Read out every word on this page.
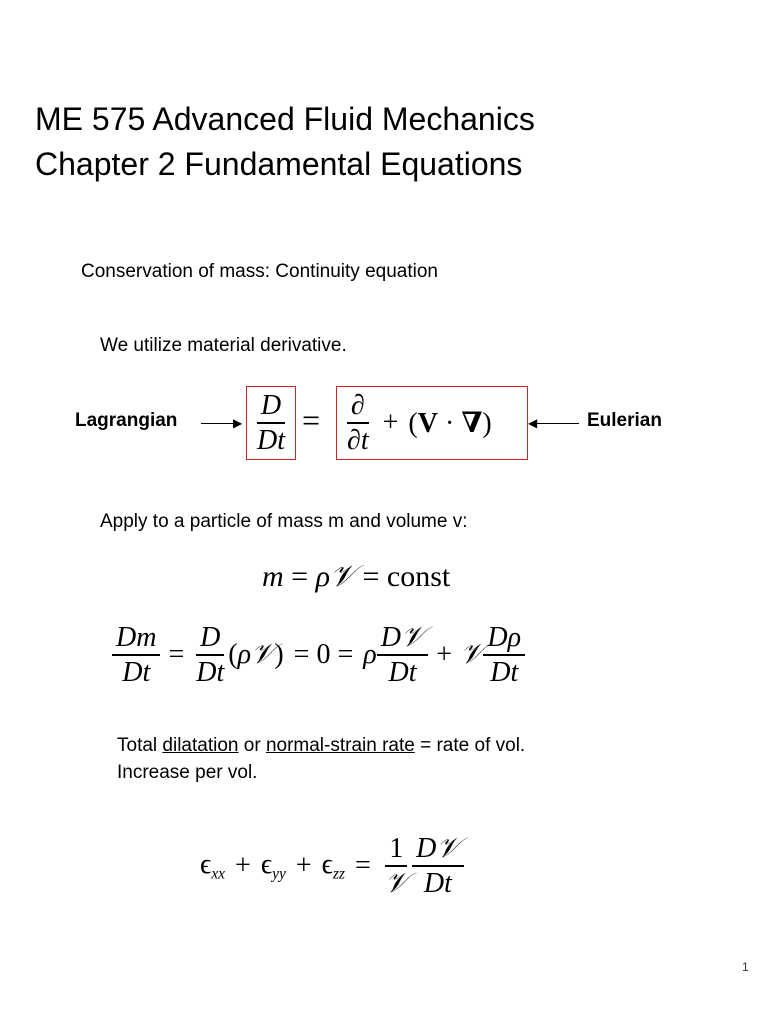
ME 575 Advanced Fluid Mechanics
Chapter 2 Fundamental Equations
Conservation of mass: Continuity equation
We utilize material derivative.
Lagrangian	▶ $\frac{D}{Dt} = \frac{\partial}{\partial t} + (V$ · ∇)	◀	Eulerian
Apply to a particle of mass m and volume v:
m = ρ𝒱 = const
$\frac{Dm}{Dt} = \frac{D}{Dt}$ (ρ𝒱) = 0 = ρ $\frac{\text{D𝒱}}{Dt}$ + 𝒱 $\frac{D\rho}{Dt}$
Total dilatation or normal-strain rate = rate of vol.
Increase per vol.
$\epsilon_{xx} + \epsilon_{yy} + \epsilon_{zz} = \frac{1}{\text{𝒱}} \frac{\text{D𝒱}}{Dt}$
1
